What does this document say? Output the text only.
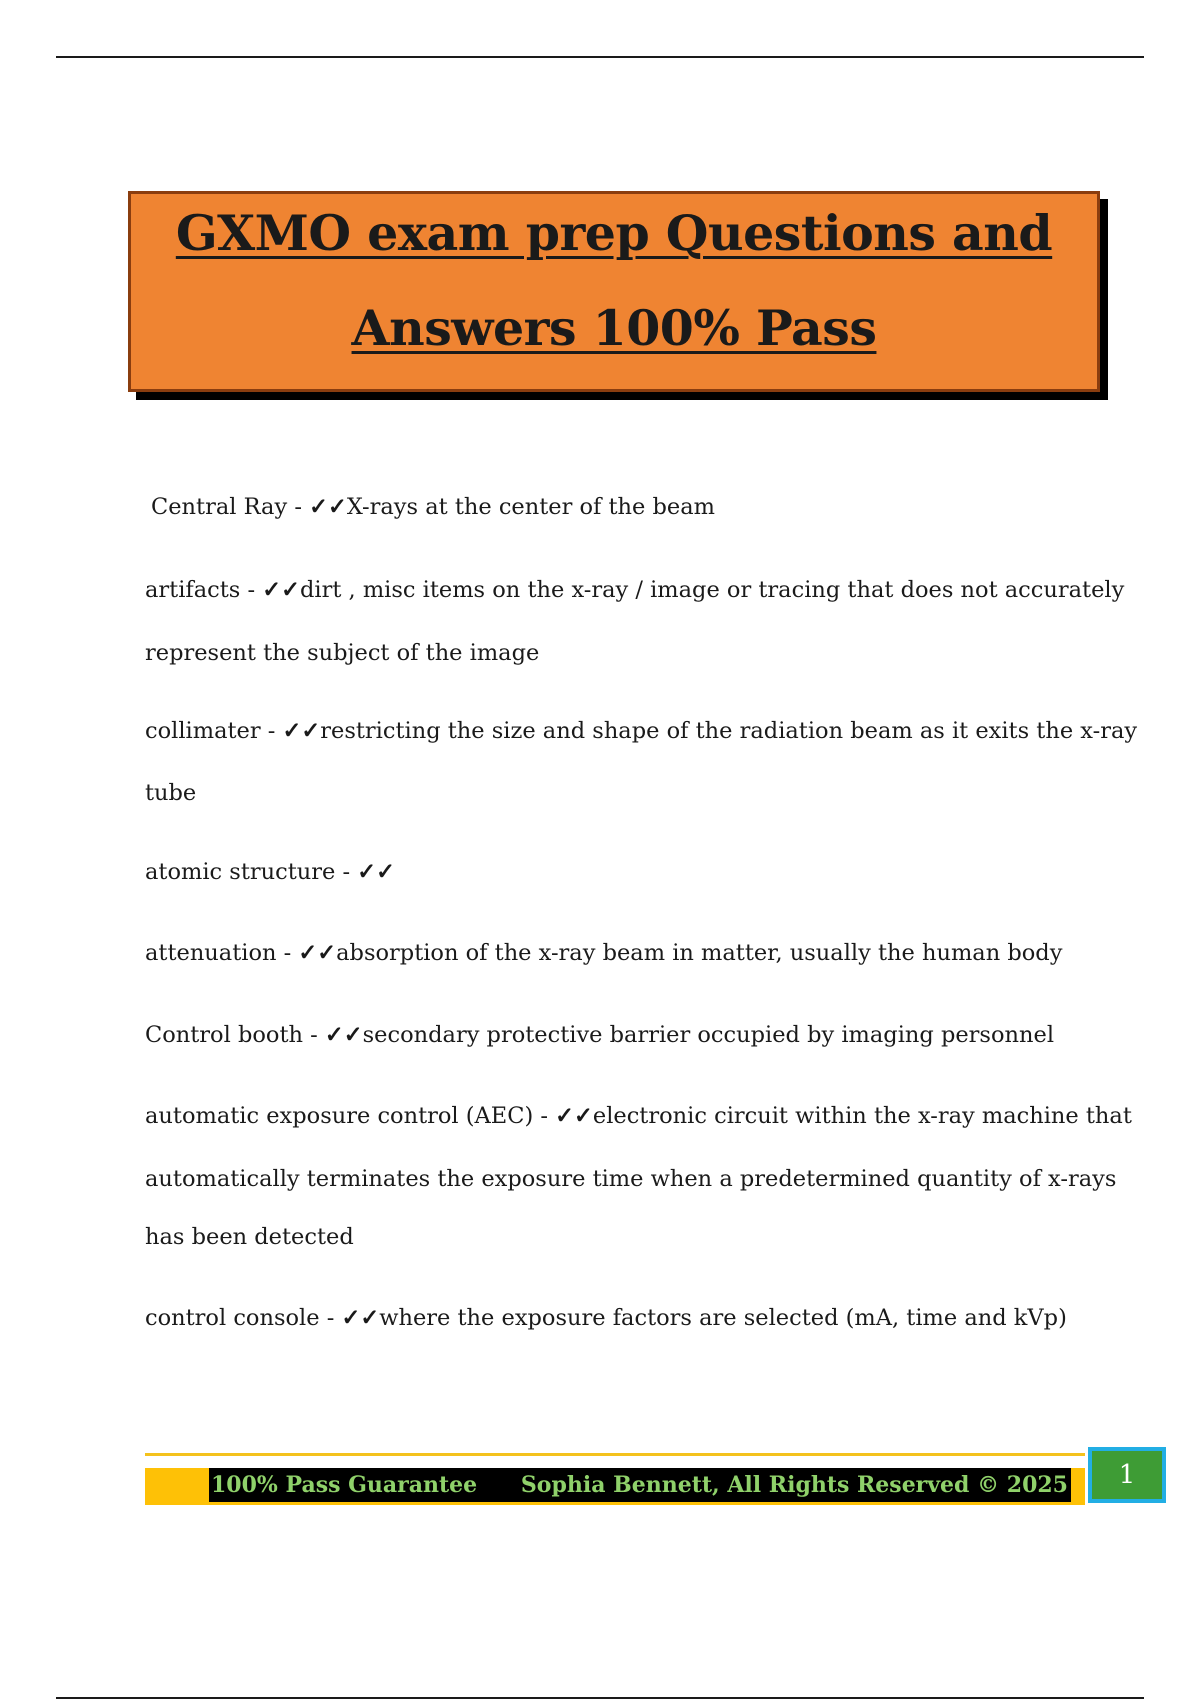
GXMO exam prep Questions and
Answers 100% Pass
Central Ray - ✓✓X-rays at the center of the beam
artifacts - ✓✓dirt , misc items on the x-ray / image or tracing that does not accurately
represent the subject of the image
collimater - ✓✓restricting the size and shape of the radiation beam as it exits the x-ray
tube
atomic structure - ✓✓
attenuation - ✓✓absorption of the x-ray beam in matter, usually the human body
Control booth - ✓✓secondary protective barrier occupied by imaging personnel
automatic exposure control (AEC) - ✓✓electronic circuit within the x-ray machine that
automatically terminates the exposure time when a predetermined quantity of x-rays
has been detected
control console - ✓✓where the exposure factors are selected (mA, time and kVp)
100% Pass Guarantee Sophia Bennett, All Rights Reserved © 2025	1
